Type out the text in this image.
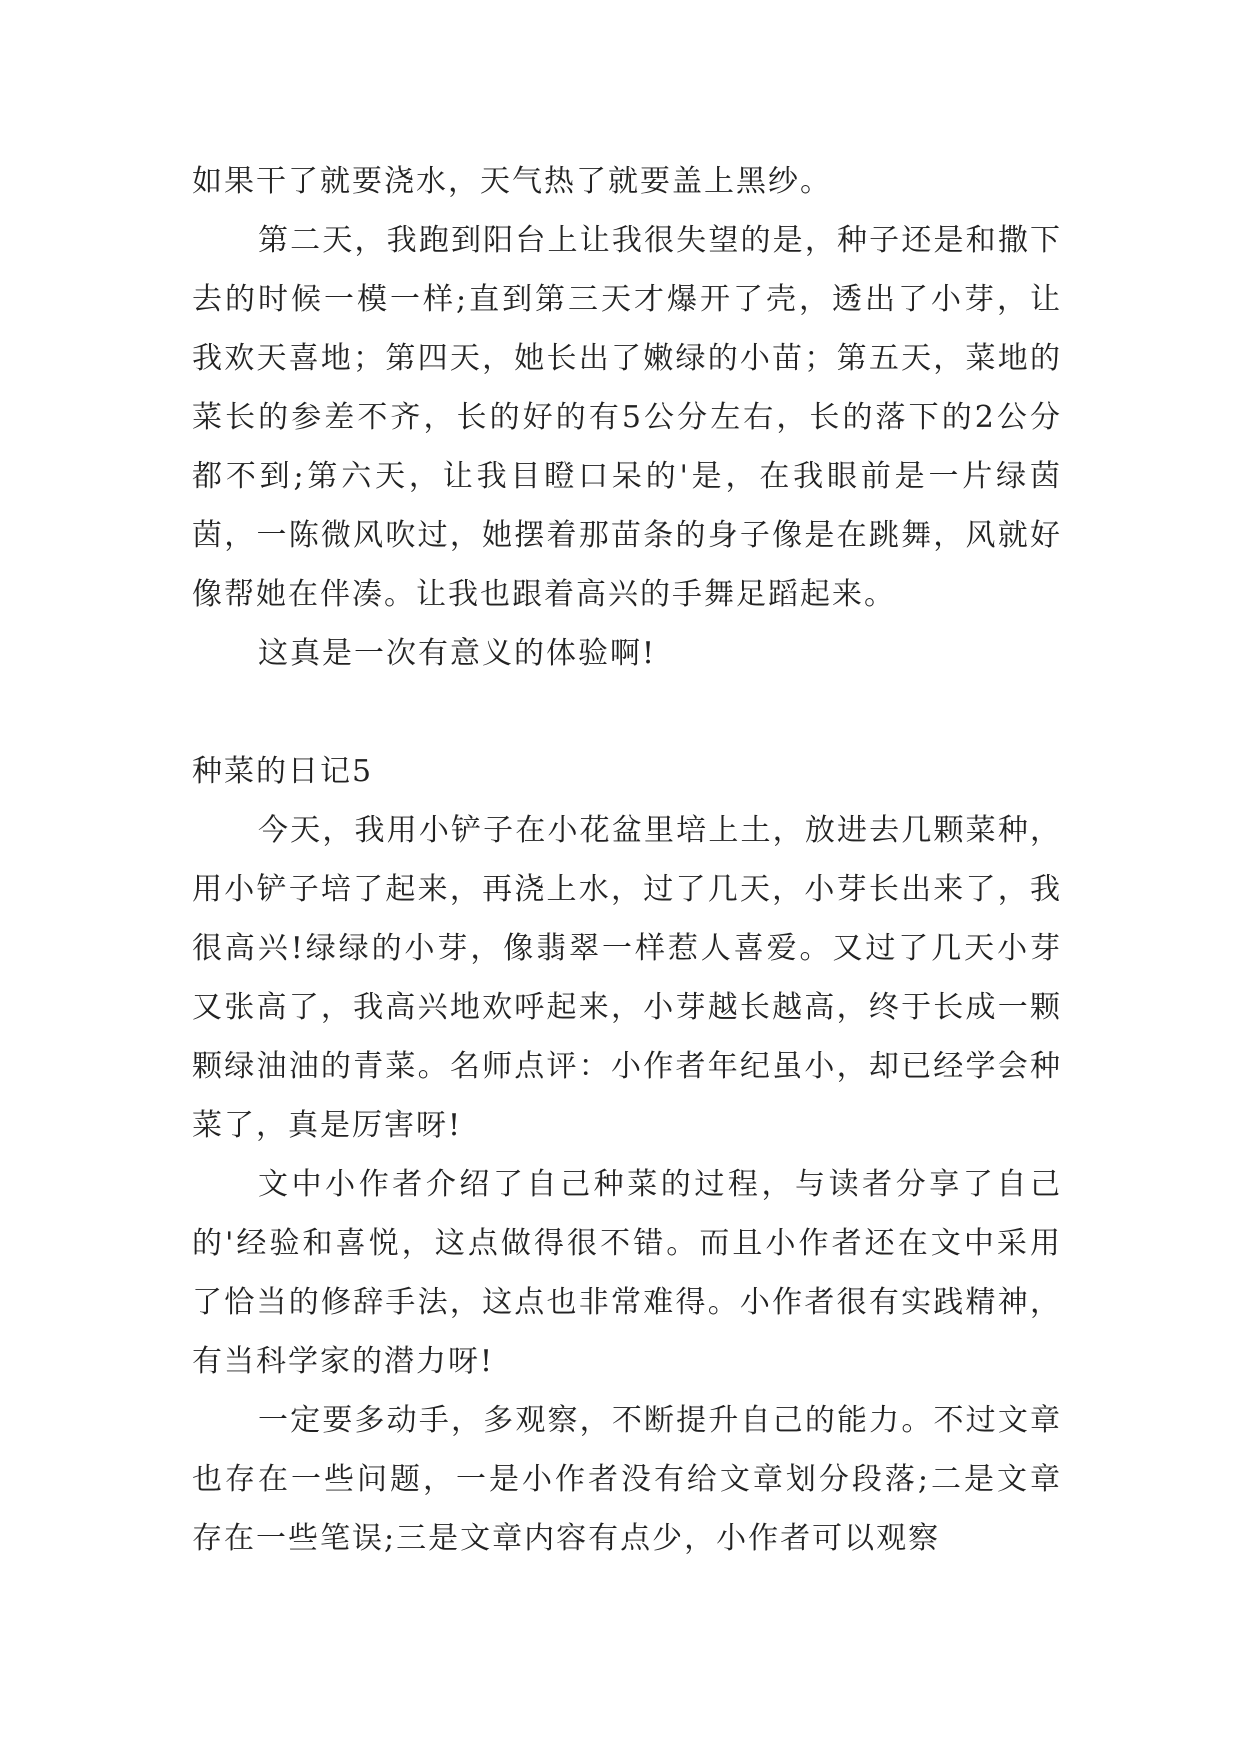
如果干了就要浇水，天气热了就要盖上黑纱。

第二天，我跑到阳台上让我很失望的是，种子还是和撒下去的时候一模一样;直到第三天才爆开了壳，透出了小芽，让我欢天喜地；第四天，她长出了嫩绿的小苗；第五天，菜地的菜长的参差不齐，长的好的有5公分左右，长的落下的2公分都不到;第六天，让我目瞪口呆的'是，在我眼前是一片绿茵茵，一陈微风吹过，她摆着那苗条的身子像是在跳舞，风就好像帮她在伴凑。让我也跟着高兴的手舞足蹈起来。

这真是一次有意义的体验啊!

种菜的日记5

今天，我用小铲子在小花盆里培上土，放进去几颗菜种，用小铲子培了起来，再浇上水，过了几天，小芽长出来了，我很高兴!绿绿的小芽，像翡翠一样惹人喜爱。又过了几天小芽又张高了，我高兴地欢呼起来，小芽越长越高，终于长成一颗颗绿油油的青菜。名师点评：小作者年纪虽小，却已经学会种菜了，真是厉害呀!

文中小作者介绍了自己种菜的过程，与读者分享了自己的'经验和喜悦，这点做得很不错。而且小作者还在文中采用了恰当的修辞手法，这点也非常难得。小作者很有实践精神，有当科学家的潜力呀!

一定要多动手，多观察，不断提升自己的能力。不过文章也存在一些问题，一是小作者没有给文章划分段落;二是文章存在一些笔误;三是文章内容有点少，小作者可以观察
